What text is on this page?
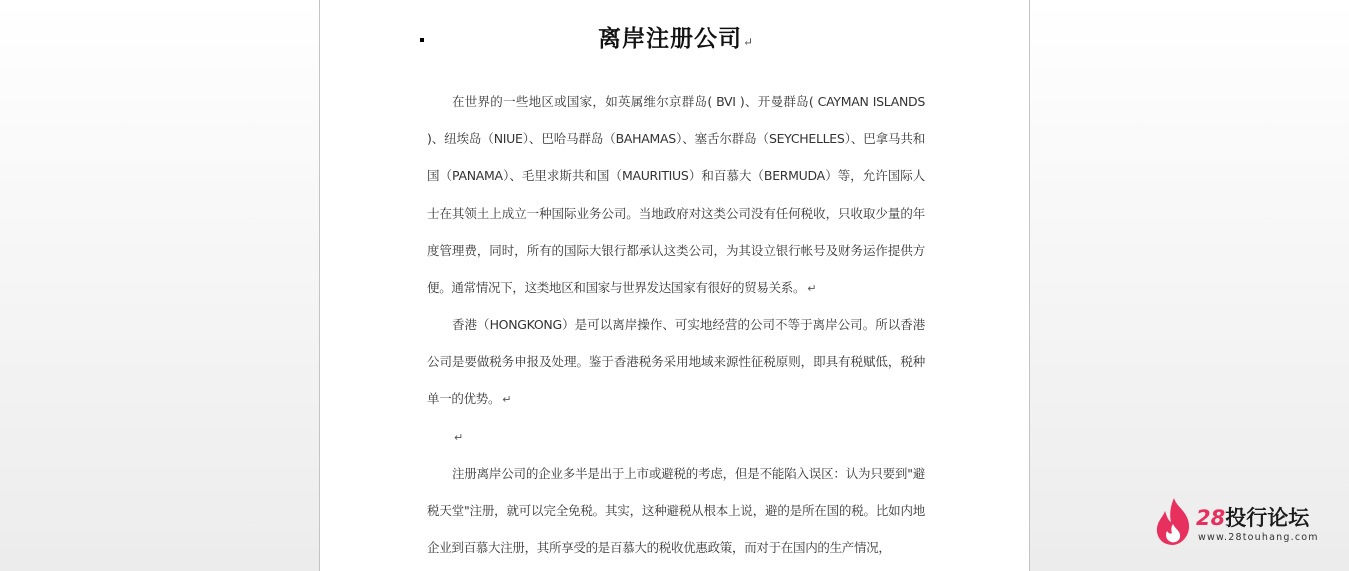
离岸注册公司↵

在世界的一些地区或国家，如英属维尔京群岛( BVI )、开曼群岛( CAYMAN ISLANDS )、纽埃岛（NIUE）、巴哈马群岛（BAHAMAS）、塞舌尔群岛（SEYCHELLES）、巴拿马共和国（PANAMA）、毛里求斯共和国（MAURITIUS）和百慕大（BERMUDA）等，允许国际人士在其领土上成立一种国际业务公司。当地政府对这类公司没有任何税收，只收取少量的年度管理费，同时，所有的国际大银行都承认这类公司，为其设立银行帐号及财务运作提供方便。通常情况下，这类地区和国家与世界发达国家有很好的贸易关系。 ↵

香港（HONGKONG）是可以离岸操作、可实地经营的公司不等于离岸公司。所以香港公司是要做税务申报及处理。鉴于香港税务采用地域来源性征税原则，即具有税赋低，税种单一的优势。 ↵

↵

注册离岸公司的企业多半是出于上市或避税的考虑，但是不能陷入误区：认为只要到"避税天堂"注册，就可以完全免税。其实，这种避税从根本上说，避的是所在国的税。比如内地企业到百慕大注册，其所享受的是百慕大的税收优惠政策，而对于在国内的生产情况，

28投行论坛
www.28touhang.com
